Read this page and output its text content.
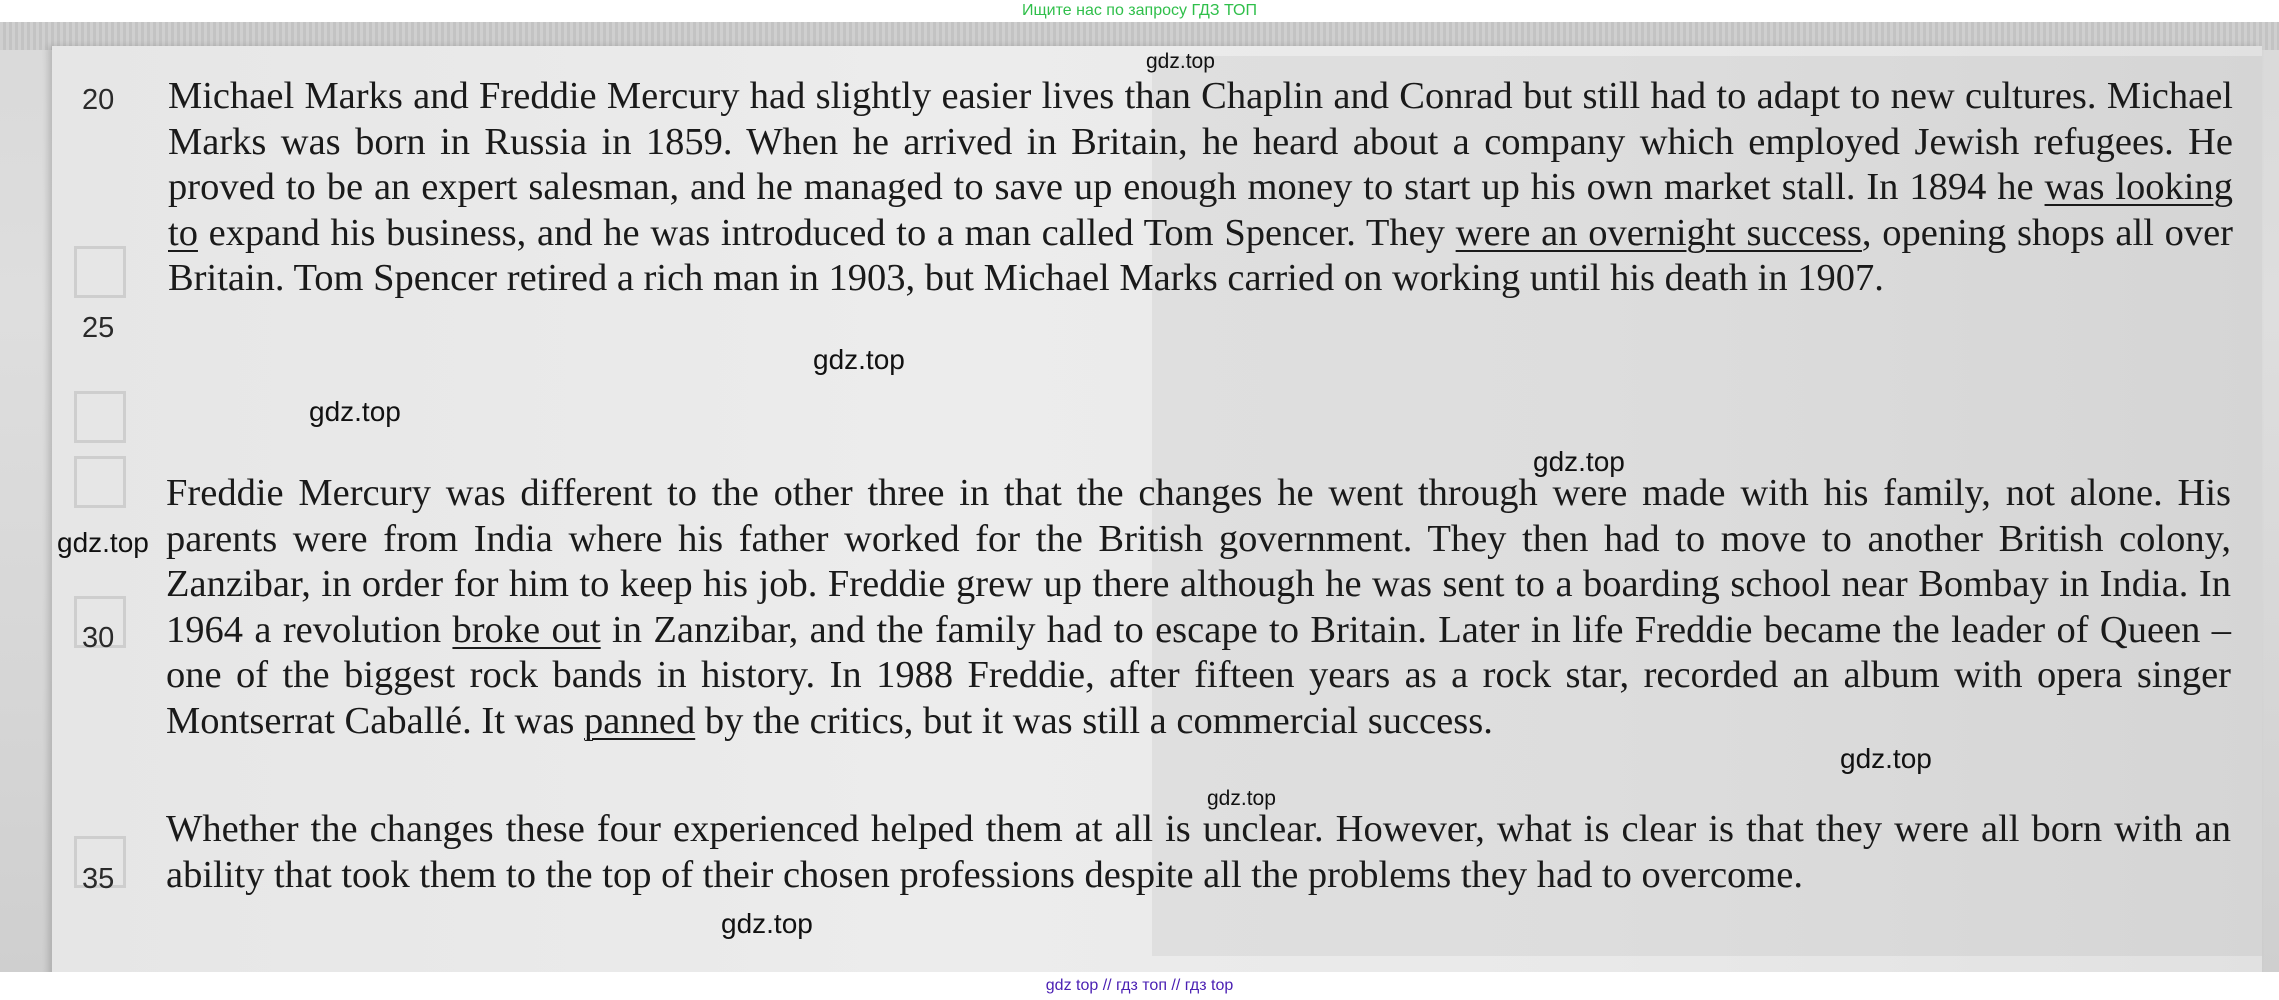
Ищите нас по запросу ГДЗ ТОП
20
25
30
35

Michael Marks and Freddie Mercury had slightly easier lives than Chaplin and Conrad but still had to adapt to new cultures. Michael Marks was born in Russia in 1859. When he arrived in Britain, he heard about a company which employed Jewish refugees. He proved to be an expert salesman, and he managed to save up enough money to start up his own market stall. In 1894 he was looking to expand his business, and he was introduced to a man called Tom Spencer. They were an overnight success, opening shops all over Britain. Tom Spencer retired a rich man in 1903, but Michael Marks carried on working until his death in 1907.

Freddie Mercury was different to the other three in that the changes he went through were made with his family, not alone. His parents were from India where his father worked for the British government. They then had to move to another British colony, Zanzibar, in order for him to keep his job. Freddie grew up there although he was sent to a boarding school near Bombay in India. In 1964 a revolution broke out in Zanzibar, and the family had to escape to Britain. Later in life Freddie became the leader of Queen – one of the biggest rock bands in history. In 1988 Freddie, after fifteen years as a rock star, recorded an album with opera singer Montserrat Caballé. It was panned by the critics, but it was still a commercial success.

Whether the changes these four experienced helped them at all is unclear. However, what is clear is that they were all born with an ability that took them to the top of their chosen professions despite all the problems they had to overcome.

gdz.top
gdz.top
gdz.top
gdz.top
gdz.top
gdz.top
gdz.top
gdz.top
gdz top // гдз топ // гдз top
